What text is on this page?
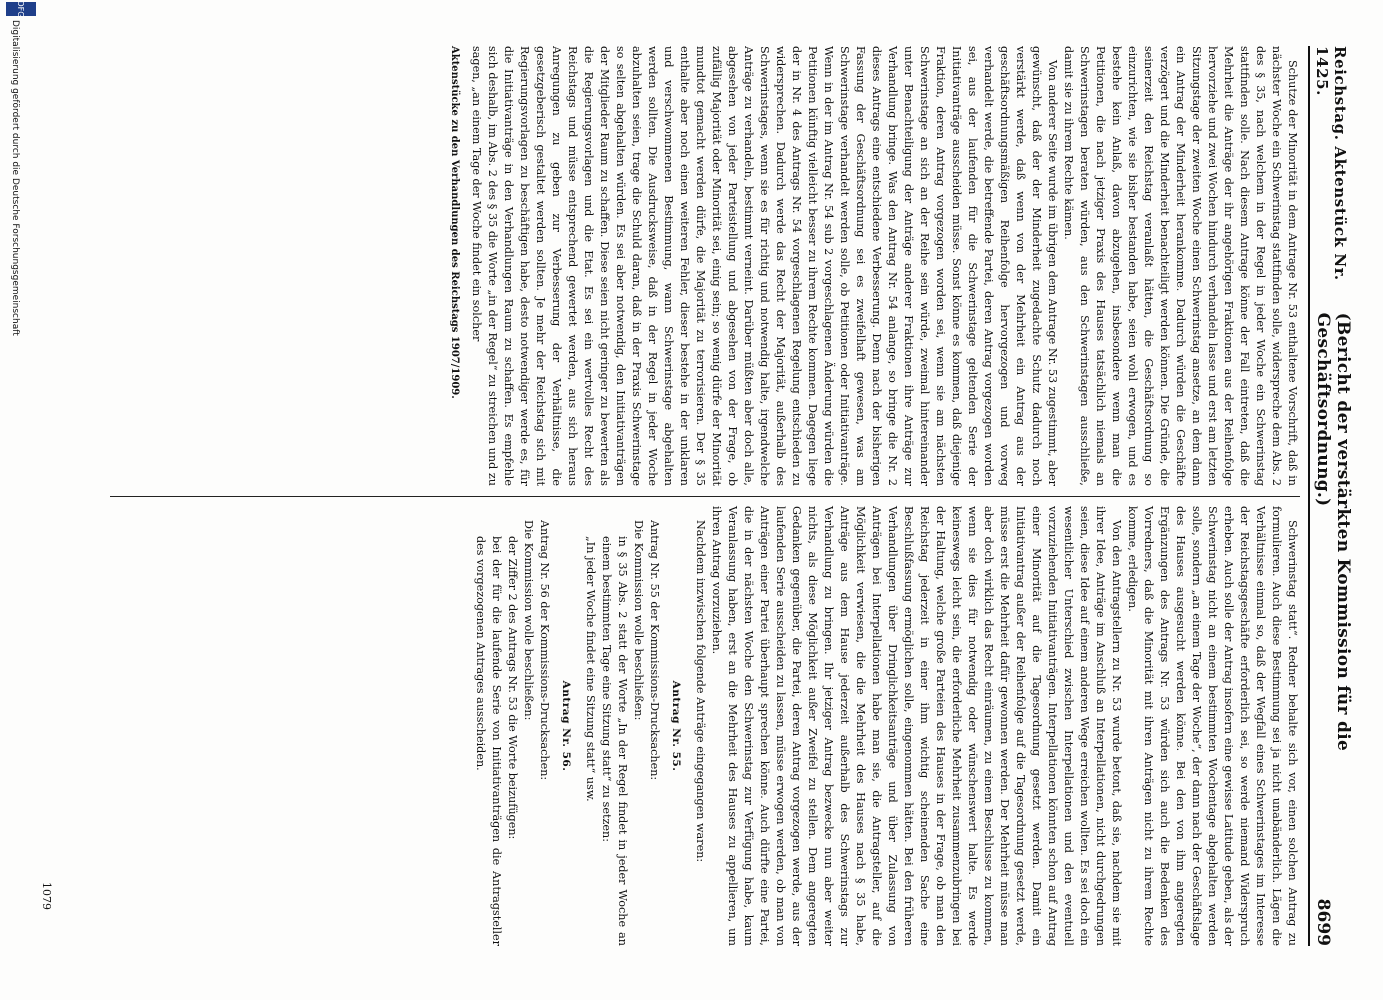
Reichstag. Aktenstück Nr. 1425.
(Bericht der verstärkten Kommission für die Geschäftsordnung.)
8699

Schutze der Minorität in dem Antrage Nr. 53 enthaltene Vorschrift, daß in nächster Woche ein Schwerinstag stattfinden solle, widerspreche dem Abs. 2 des § 35, nach welchem in der Regel in jeder Woche ein Schwerinstag stattfinden solle. Nach diesem Antrage könne der Fall eintreten, daß die Mehrheit die Anträge der ihr angehörigen Fraktionen aus der Reihenfolge hervorziehe und zwei Wochen hindurch verhandeln lasse und erst am letzten Sitzungstage der zweiten Woche einen Schwerinstag ansetze, an dem dann ein Antrag der Minderheit herankomme. Dadurch würden die Geschäfte verzögert und die Minderheit benachteiligt werden können. Die Gründe, die seinerzeit den Reichstag veranlaßt hätten, die Geschäftsordnung so einzurichten, wie sie bisher bestanden habe, seien wohl erwogen, und es bestehe kein Anlaß, davon abzugehen, insbesondere wenn man die Petitionen, die nach jetziger Praxis des Hauses tatsächlich niemals an Schwerinstagen beraten würden, aus den Schwerinstagen ausschließe, damit sie zu ihrem Rechte kämen.

Von anderer Seite wurde im übrigen dem Antrage Nr. 53 zugestimmt, aber gewünscht, daß der der Minderheit zugedachte Schutz dadurch noch verstärkt werde, daß wenn von der Mehrheit ein Antrag aus der geschäftsordnungsmäßigen Reihenfolge hervorgezogen und vorweg verhandelt werde, die betreffende Partei, deren Antrag vorgezogen worden sei, aus der laufenden für die Schwerinstage geltenden Serie der Initiativanträge ausscheiden müsse. Sonst könne es kommen, daß diejenige Fraktion, deren Antrag vorgezogen worden sei, wenn sie am nächsten Schwerinstage an sich an der Reihe sein würde, zweimal hintereinander unter Benachteiligung der Anträge anderer Fraktionen ihre Anträge zur Verhandlung bringe. Was den Antrag Nr. 54 anlange, so bringe die Nr. 2 dieses Antrags eine entschiedene Verbesserung. Denn nach der bisherigen Fassung der Geschäftsordnung sei es zweifelhaft gewesen, was am Schwerinstage verhandelt werden solle, ob Petitionen oder Initiativanträge. Wenn in der im Antrag Nr. 54 sub 2 vorgeschlagenen Änderung würden die Petitionen künftig vielleicht besser zu ihrem Rechte kommen. Dagegen liege der in Nr. 4 des Antrags Nr. 54 vorgeschlagenen Regelung entschieden zu widersprechen. Dadurch werde das Recht der Majorität, außerhalb des Schwerinstages, wenn sie es für richtig und notwendig halte, irgendwelche Anträge zu verhandeln, bestimmt verneint. Darüber müßten aber doch alle, abgesehen von jeder Parteistellung und abgesehen von der Frage, ob zufällig Majorität oder Minorität sei, einig sein; so wenig dürfe der Minorität mundtot gemacht werden dürfe, die Majorität zu terrorisieren. Der § 35 enthalte aber noch einen weiteren Fehler, dieser bestehe in der unklaren und verschwommenen Bestimmung, wann Schwerinstage abgehalten werden sollten. Die Ausdrucksweise, daß in der Regel in jeder Woche abzuhalten seien, trage die Schuld daran, daß in der Praxis Schwerinstage so selten abgehalten würden. Es sei aber notwendig, den Initiativanträgen der Mitglieder Raum zu schaffen. Diese seien nicht geringer zu bewerten als die Regierungsvorlagen und die Etat. Es sei ein wertvolles Recht des Reichstags und müsse entsprechend gewertet werden, aus sich heraus Anregungen zu geben zur Verbesserung der Verhältnisse, die gesetzgeberisch gestaltet werden sollten. Je mehr der Reichstag sich mit Regierungsvorlagen zu beschäftigen habe, desto notwendiger werde es, für die Initiativanträge in den Verhandlungen Raum zu schaffen. Es empfehle sich deshalb, im Abs. 2 des § 35 die Worte „in der Regel“ zu streichen und zu sagen, „an einem Tage der Woche findet ein solcher

Aktenstücke zu den Verhandlungen des Reichstags 1907/1909.

Schwerinstag statt“. Redner behalte sich vor, einen solchen Antrag zu formulieren. Auch diese Bestimmung sei ja nicht unabänderlich. Lägen die Verhältnisse einmal so, daß der Wegfall eines Schwerinstages im Interesse der Reichstagsgeschäfte erforderlich sei, so werde niemand Widerspruch erheben. Auch solle der Antrag insofern eine gewisse Latitude geben, als der Schwerinstag nicht an einem bestimmten Wochentage abgehalten werden solle, sondern „an einem Tage der Woche“, der dann nach der Geschäftslage des Hauses ausgesucht werden könne. Bei den von ihm angeregten Ergänzungen des Antrags Nr. 53 würden sich auch die Bedenken des Vorredners, daß die Minorität mit ihren Anträgen nicht zu ihrem Rechte komme, erledigen.

Von den Antragstellern zu Nr. 53 wurde betont, daß sie, nachdem sie mit ihrer Idee, Anträge im Anschluß an Interpellationen, nicht durchgedrungen seien, diese Idee auf einem anderen Wege erreichen wollten. Es sei doch ein wesentlicher Unterschied zwischen Interpellationen und den eventuell vorzuziehenden Initiativanträgen. Interpellationen könnten schon auf Antrag einer Minorität auf die Tagesordnung gesetzt werden. Damit ein Initiativantrag außer der Reihenfolge auf die Tagesordnung gesetzt werde, müsse erst die Mehrheit dafür gewonnen werden. Der Mehrheit müsse man aber doch wirklich das Recht einräumen, zu einem Beschlusse zu kommen, wenn sie dies für notwendig oder wünschenswert halte. Es werde keineswegs leicht sein, die erforderliche Mehrheit zusammenzubringen bei der Haltung, welche große Parteien des Hauses in der Frage, ob man den Reichstag jederzeit in einer ihm wichtig scheinenden Sache eine Beschlußfassung ermöglichen solle, eingenommen hätten. Bei den früheren Verhandlungen über Dringlichkeitsanträge und über Zulassung von Anträgen bei Interpellationen habe man sie, die Antragsteller, auf die Möglichkeit verwiesen, die die Mehrheit des Hauses nach § 35 habe, Anträge aus dem Hause jederzeit außerhalb des Schwerinstags zur Verhandlung zu bringen. Ihr jetziger Antrag bezwecke nun aber weiter nichts, als diese Möglichkeit außer Zweifel zu stellen. Dem angeregten Gedanken gegenüber, die Partei, deren Antrag vorgezogen werde, aus der laufenden Serie ausscheiden zu lassen, müsse erwogen werden, ob man von Anträgen einer Partei überhaupt sprechen könne. Auch dürfte eine Partei, die in der nächsten Woche den Schwerinstag zur Verfügung habe, kaum Veranlassung haben, erst an die Mehrheit des Hauses zu appellieren, um ihren Antrag vorzuziehen.

Nachdem inzwischen folgende Anträge eingegangen waren:

Antrag Nr. 55.

Antrag Nr. 55 der Kommissions-Drucksachen:

Die Kommission wolle beschließen:

in § 35 Abs. 2 statt der Worte „In der Regel findet in jeder Woche an einem bestimmten Tage eine Sitzung statt“ zu setzen:
„In jeder Woche findet eine Sitzung statt“ usw.
Antrag Nr. 56.

Antrag Nr. 56 der Kommissions-Drucksachen:

Die Kommission wolle beschließen:

der Ziffer 2 des Antrags Nr. 53 die Worte beizufügen:
bei der für die laufende Serie von Initiativanträgen die Antragsteller des vorgezogenen Antrages ausscheiden.
1079
Digitalisierung gefördert durch die Deutsche Forschungsgemeinschaft
DFG
